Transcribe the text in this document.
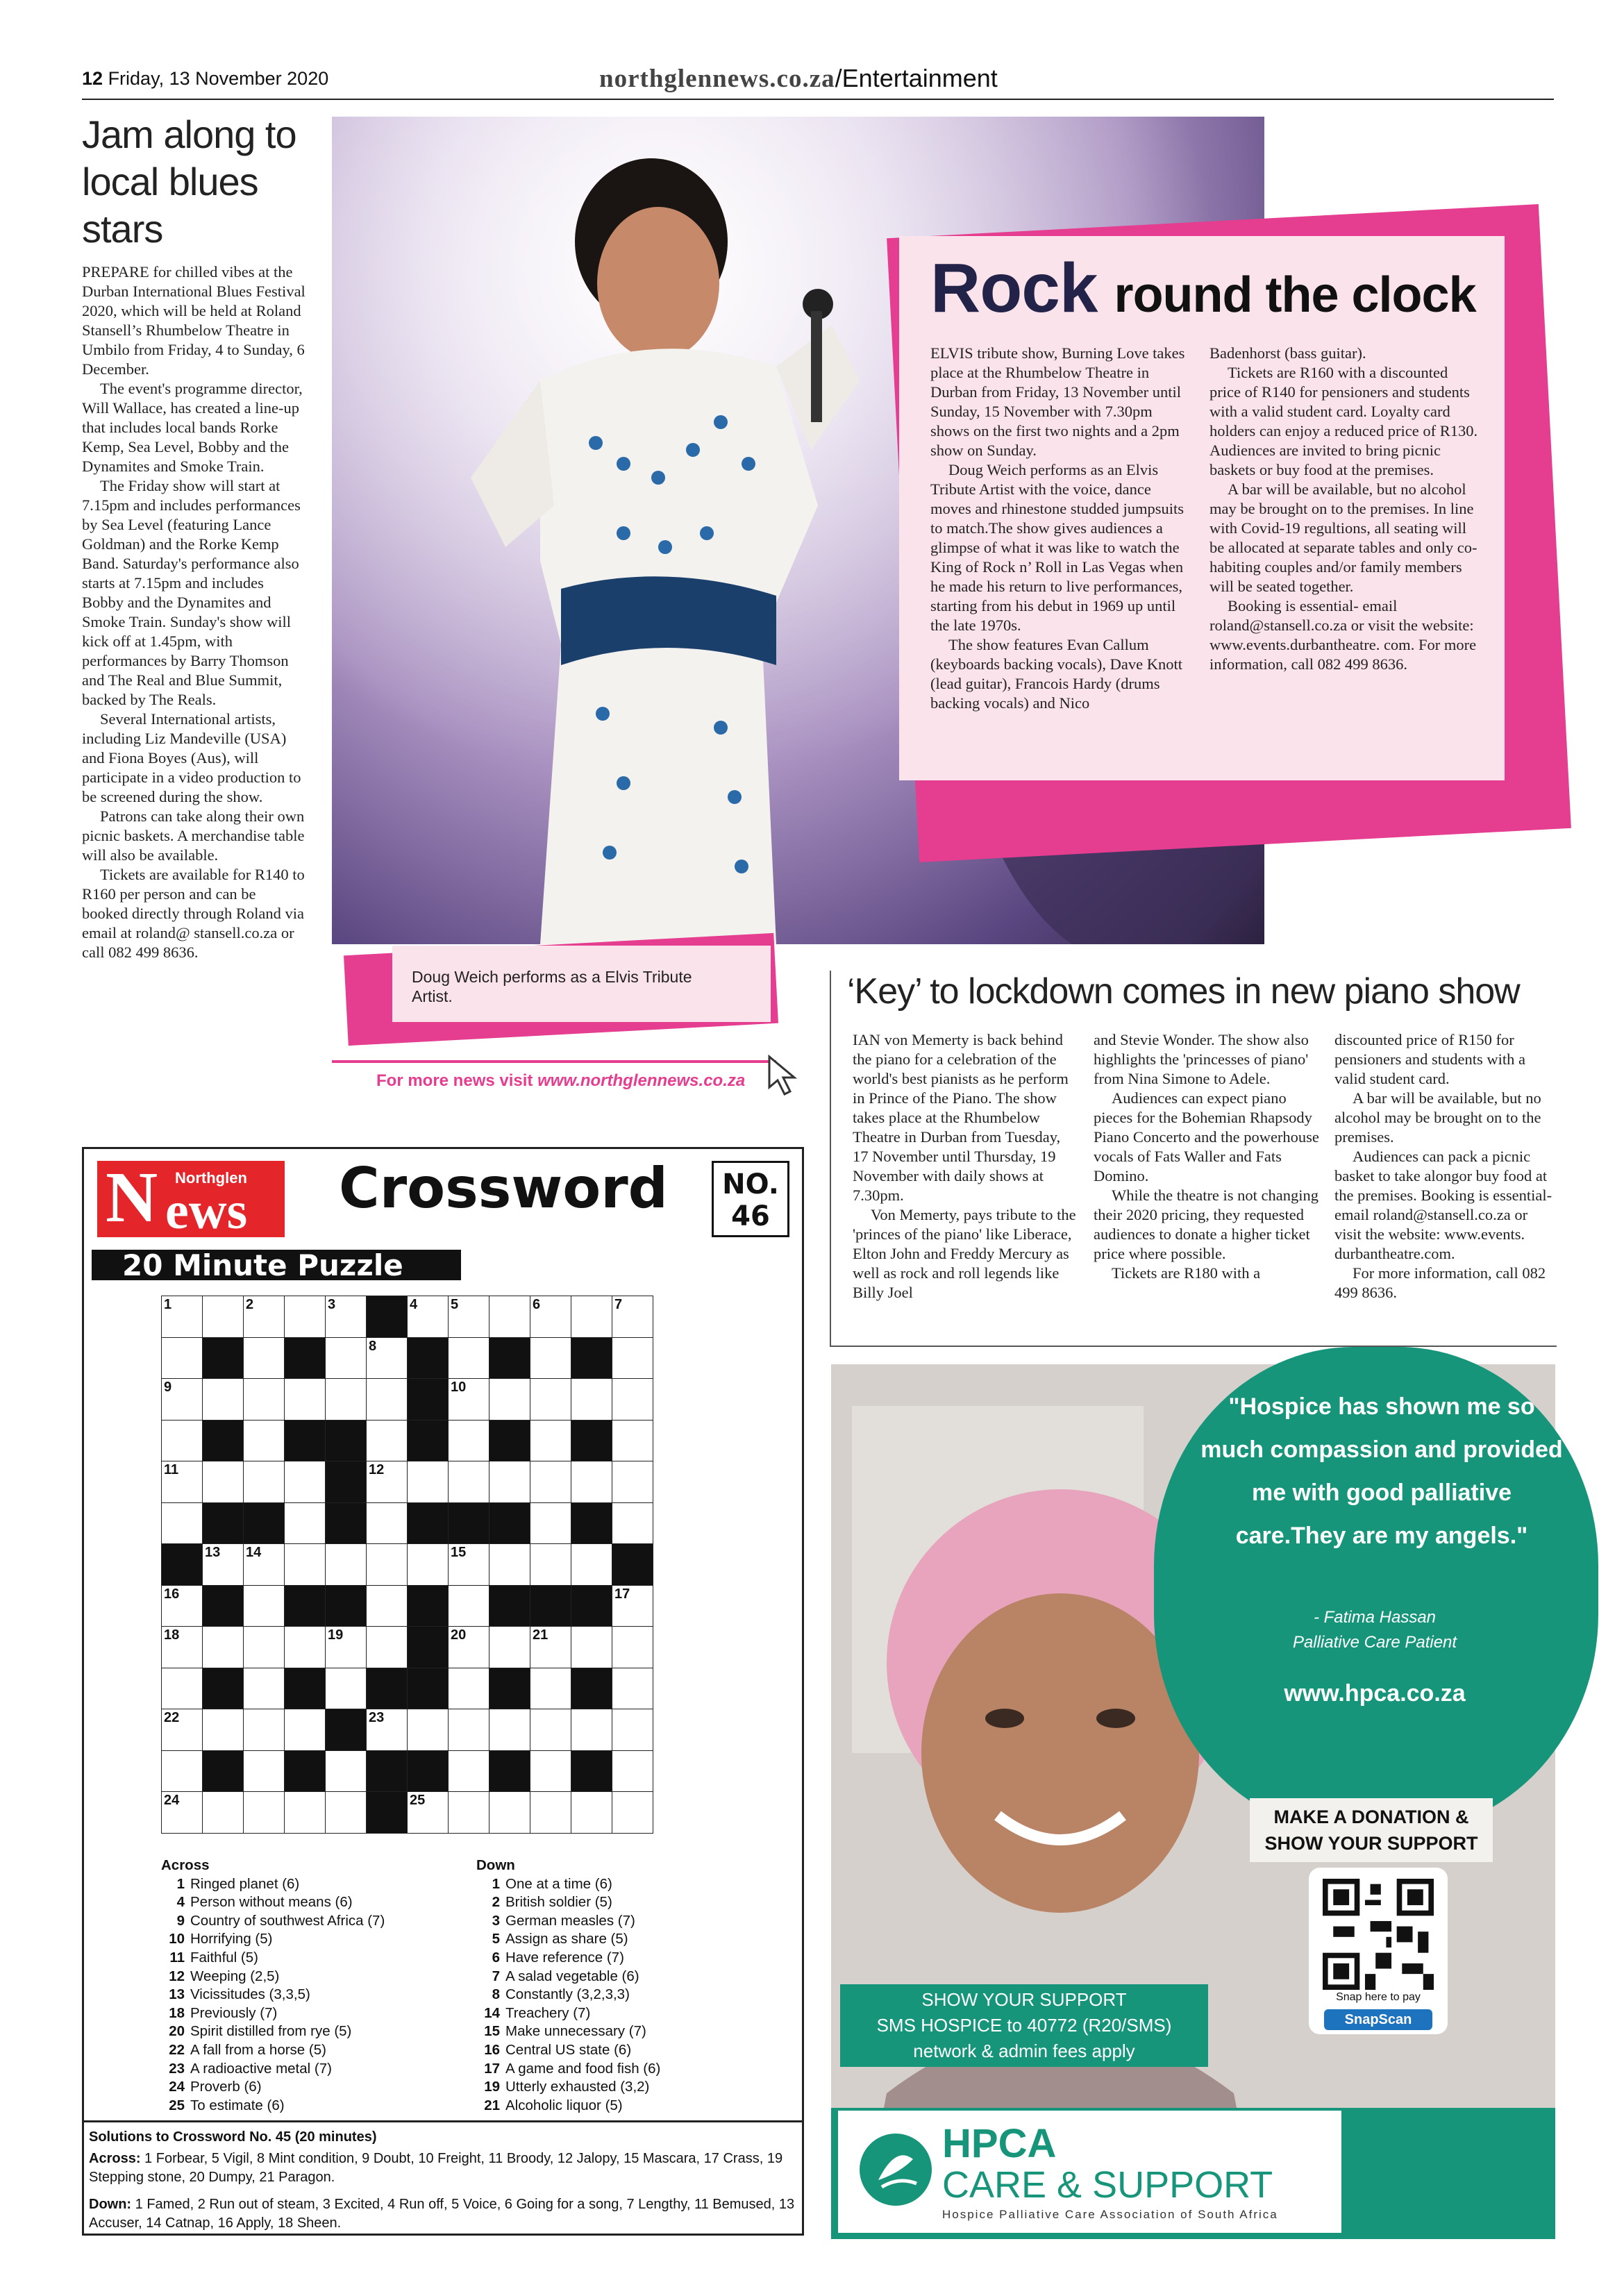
12 Friday, 13 November 2020	northglennews.co.za/Entertainment
Jam along to
local blues
stars

PREPARE for chilled vibes at the Durban International Blues Festival 2020, which will be held at Roland Stansell’s Rhumbelow Theatre in Umbilo from Friday, 4 to Sunday, 6 December.

The event's programme director, Will Wallace, has created a line-up that includes local bands Rorke Kemp, Sea Level, Bobby and the Dynamites and Smoke Train.

The Friday show will start at 7.15pm and includes performances by Sea Level (featuring Lance Goldman) and the Rorke Kemp Band. Saturday's performance also starts at 7.15pm and includes Bobby and the Dynamites and Smoke Train. Sunday's show will kick off at 1.45pm, with performances by Barry Thomson and The Real and Blue Summit, backed by The Reals.

Several International artists, including Liz Mandeville (USA) and Fiona Boyes (Aus), will participate in a video production to be screened during the show.

Patrons can take along their own picnic baskets. A merchandise table will also be available.

Tickets are available for R140 to R160 per person and can be booked directly through Roland via email at roland@ stansell.co.za or call 082 499 8636.

Rock round the clock

ELVIS tribute show, Burning Love takes place at the Rhumbelow Theatre in Durban from Friday, 13 November until Sunday, 15 November with 7.30pm shows on the first two nights and a 2pm show on Sunday.

Doug Weich performs as an Elvis Tribute Artist with the voice, dance moves and rhinestone studded jumpsuits to match.The show gives audiences a glimpse of what it was like to watch the King of Rock n’ Roll in Las Vegas when he made his return to live performances, starting from his debut in 1969 up until the late 1970s.

The show features Evan Callum (keyboards backing vocals), Dave Knott (lead guitar), Francois Hardy (drums backing vocals) and Nico

Badenhorst (bass guitar).

Tickets are R160 with a discounted price of R140 for pensioners and students with a valid student card. Loyalty card holders can enjoy a reduced price of R130. Audiences are invited to bring picnic baskets or buy food at the premises.

A bar will be available, but no alcohol may be brought on to the premises. In line with Covid-19 regultions, all seating will be allocated at separate tables and only co-habiting couples and/or family members will be seated together.

Booking is essential- email roland@stansell.co.za or visit the website: www.events.durbantheatre. com. For more information, call 082 499 8636.

Doug Weich performs as a Elvis Tribute Artist.
For more news visit www.northglennews.co.za
‘Key’ to lockdown comes in new piano show

IAN von Memerty is back behind the piano for a celebration of the world's best pianists as he perform in Prince of the Piano. The show takes place at the Rhumbelow Theatre in Durban from Tuesday, 17 November until Thursday, 19 November with daily shows at 7.30pm.

Von Memerty, pays tribute to the 'princes of the piano' like Liberace, Elton John and Freddy Mercury as well as rock and roll legends like Billy Joel

and Stevie Wonder. The show also highlights the 'princesses of piano' from Nina Simone to Adele.

Audiences can expect piano pieces for the Bohemian Rhapsody Piano Concerto and the powerhouse vocals of Fats Waller and Fats Domino.

While the theatre is not changing their 2020 pricing, they requested audiences to donate a higher ticket price where possible.

Tickets are R180 with a

discounted price of R150 for pensioners and students with a valid student card.

A bar will be available, but no alcohol may be brought on to the premises.

Audiences can pack a picnic basket to take alongor buy food at the premises. Booking is essential- email roland@stansell.co.za or visit the website: www.events. durbantheatre.com.

For more information, call 082 499 8636.

N Northglen
ews Crossword	NO.
46
20 Minute Puzzle
1		2		3		4	5		6		7

					8						

9							10				

11					12						

	13	14					15				

16											17

18				19			20		21		

22					23						

24						25					

Across
1 Ringed planet (6)
4 Person without means (6)
9 Country of southwest Africa (7)
10 Horrifying (5)
11 Faithful (5)
12 Weeping (2,5)
13 Vicissitudes (3,3,5)
18 Previously (7)
20 Spirit distilled from rye (5)
22 A fall from a horse (5)
23 A radioactive metal (7)
24 Proverb (6)
25 To estimate (6)
Down
1 One at a time (6)
2 British soldier (5)
3 German measles (7)
5 Assign as share (5)
6 Have reference (7)
7 A salad vegetable (6)
8 Constantly (3,2,3,3)
14 Treachery (7)
15 Make unnecessary (7)
16 Central US state (6)
17 A game and food fish (6)
19 Utterly exhausted (3,2)
21 Alcoholic liquor (5)
Solutions to Crossword No. 45 (20 minutes)
Across: 1 Forbear, 5 Vigil, 8 Mint condition, 9 Doubt, 10 Freight, 11 Broody, 12 Jalopy, 15 Mascara, 17 Crass, 19 Stepping stone, 20 Dumpy, 21 Paragon.
Down: 1 Famed, 2 Run out of steam, 3 Excited, 4 Run off, 5 Voice, 6 Going for a song, 7 Lengthy, 11 Bemused, 13 Accuser, 14 Catnap, 16 Apply, 18 Sheen.
"Hospice has shown me so much compassion and provided me with good palliative care.They are my angels."
- Fatima Hassan
Palliative Care Patient
www.hpca.co.za
MAKE A DONATION & SHOW YOUR SUPPORT
Snap here to pay
SnapScan
SHOW YOUR SUPPORT
SMS HOSPICE to 40772 (R20/SMS)
network & admin fees apply
HPCA
CARE & SUPPORT
Hospice Palliative Care Association of South Africa
